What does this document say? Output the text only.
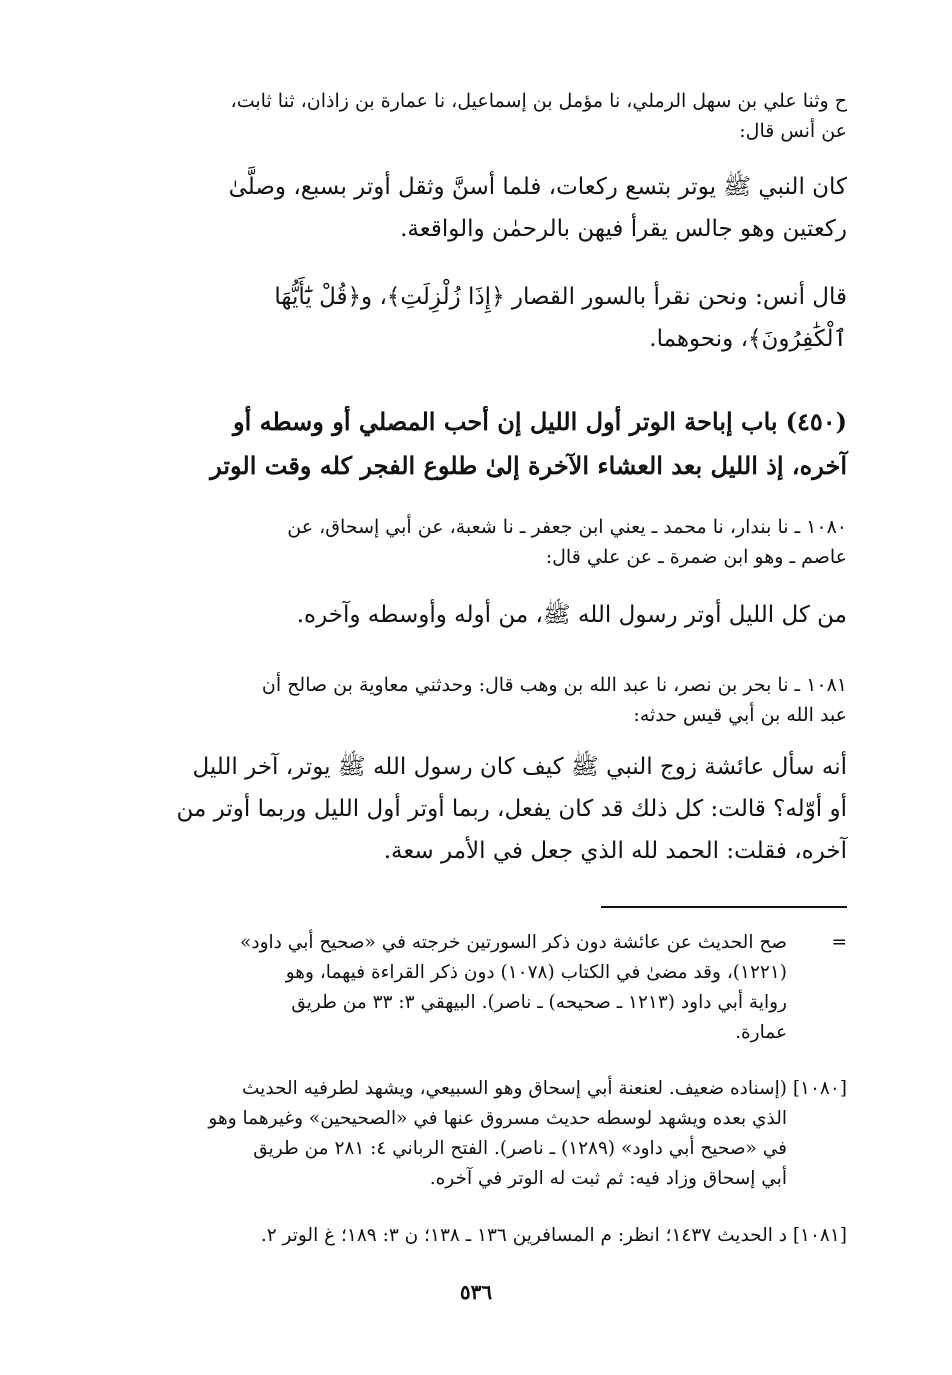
ح وثنا علي بن سهل الرملي، نا مؤمل بن إسماعيل، نا عمارة بن زاذان، ثنا ثابت،
عن أنس قال:
كان النبي ﷺ يوتر بتسع ركعات، فلما أسنَّ وثقل أوتر بسبع، وصلَّىٰ
ركعتين وهو جالس يقرأ فيهن بالرحمٰن والواقعة.
قال أنس: ونحن نقرأ بالسور القصار ﴿إِذَا زُلْزِلَتِ﴾، و﴿قُلْ يَٰٓأَيُّهَا
ٱلْكَٰفِرُونَ﴾، ونحوهما.
(٤٥٠)باب إباحة الوتر أول الليل إن أحب المصلي أو وسطه أو
آخره، إذ الليل بعد العشاء الآخرة إلىٰ طلوع الفجر كله وقت الوتر
١٠٨٠ ـ نا بندار، نا محمد ـ يعني ابن جعفر ـ نا شعبة، عن أبي إسحاق، عن
عاصم ـ وهو ابن ضمرة ـ عن علي قال:
من كل الليل أوتر رسول الله ﷺ، من أوله وأوسطه وآخره.
١٠٨١ ـ نا بحر بن نصر، نا عبد الله بن وهب قال: وحدثني معاوية بن صالح أن
عبد الله بن أبي قيس حدثه:
أنه سأل عائشة زوج النبي ﷺ كيف كان رسول الله ﷺ يوتر، آخر الليل
أو أوّله؟ قالت: كل ذلك قد كان يفعل، ربما أوتر أول الليل وربما أوتر من
آخره، فقلت: الحمد لله الذي جعل في الأمر سعة.
=صح الحديث عن عائشة دون ذكر السورتين خرجته في «صحيح أبي داود»
(١٢٢١)، وقد مضىٰ في الكتاب (١٠٧٨) دون ذكر القراءة فيهما، وهو
رواية أبي داود (١٢١٣ ـ صحيحه) ـ ناصر). البيهقي ٣: ٣٣ من طريق
عمارة.
[١٠٨٠](إسناده ضعيف. لعنعنة أبي إسحاق وهو السبيعي، ويشهد لطرفيه الحديث
الذي بعده ويشهد لوسطه حديث مسروق عنها في «الصحيحين» وغيرهما وهو
في «صحيح أبي داود» (١٢٨٩) ـ ناصر). الفتح الرباني ٤: ٢٨١ من طريق
أبي إسحاق وزاد فيه: ثم ثبت له الوتر في آخره.
[١٠٨١]د الحديث ١٤٣٧؛ انظر: م المسافرين ١٣٦ ـ ١٣٨؛ ن ٣: ١٨٩؛ غ الوتر ٢.
٥٣٦
